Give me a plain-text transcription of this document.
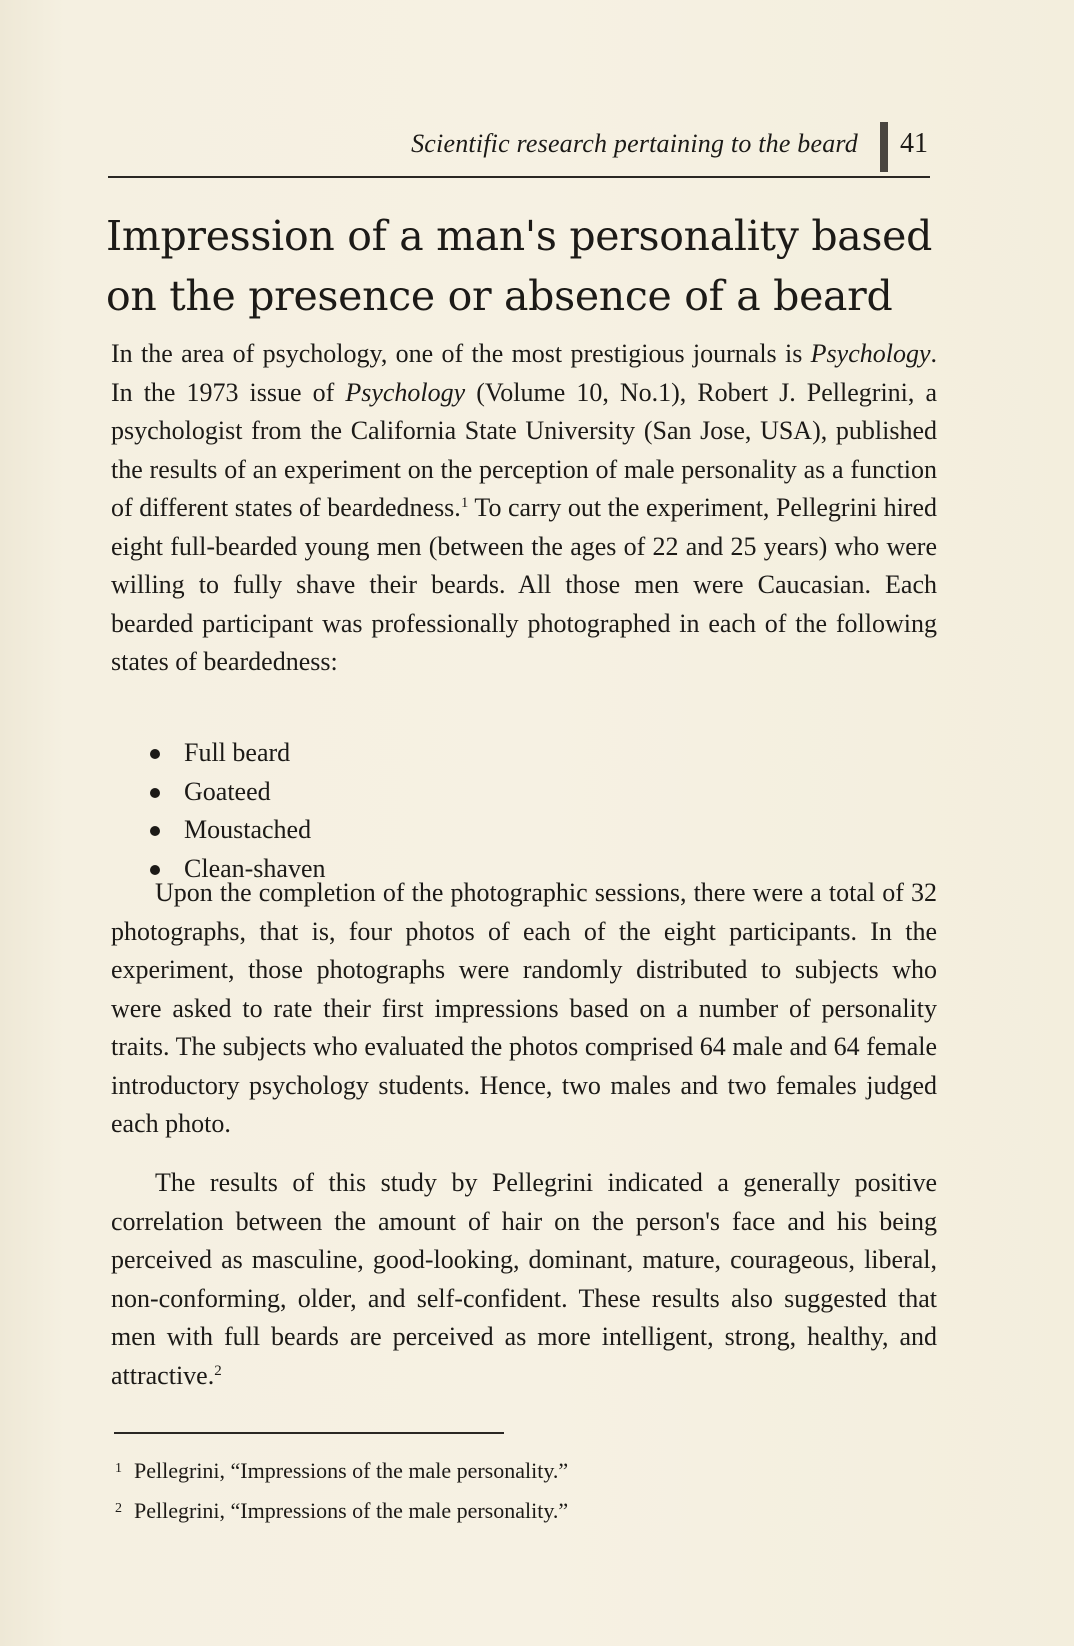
Scientific research pertaining to the beard 41
Impression of a man's personality based on the presence or absence of a beard

In the area of psychology, one of the most prestigious journals is Psychology. In the 1973 issue of Psychology (Volume 10, No.1), Robert J. Pellegrini, a psychologist from the California State University (San Jose, USA), published the results of an experiment on the perception of male personality as a function of different states of beardedness.$^1$ To carry out the experiment, Pellegrini hired eight full-bearded young men (between the ages of 22 and 25 years) who were willing to fully shave their beards. All those men were Caucasian. Each bearded participant was professionally photographed in each of the following states of beardedness:

Full beard
Goateed
Moustached
Clean-shaven

Upon the completion of the photographic sessions, there were a total of 32 photographs, that is, four photos of each of the eight participants. In the experiment, those photographs were randomly distributed to subjects who were asked to rate their first impressions based on a number of personality traits. The subjects who evaluated the photos comprised 64 male and 64 female introductory psychology students. Hence, two males and two females judged each photo.

The results of this study by Pellegrini indicated a generally positive correlation between the amount of hair on the person's face and his being perceived as masculine, good-looking, dominant, mature, courageous, liberal, non-conforming, older, and self-confident. These results also suggested that men with full beards are perceived as more intelligent, strong, healthy, and attractive.$^2$

$^1$ Pellegrini, “Impressions of the male personality.”
$^2$ Pellegrini, “Impressions of the male personality.”
